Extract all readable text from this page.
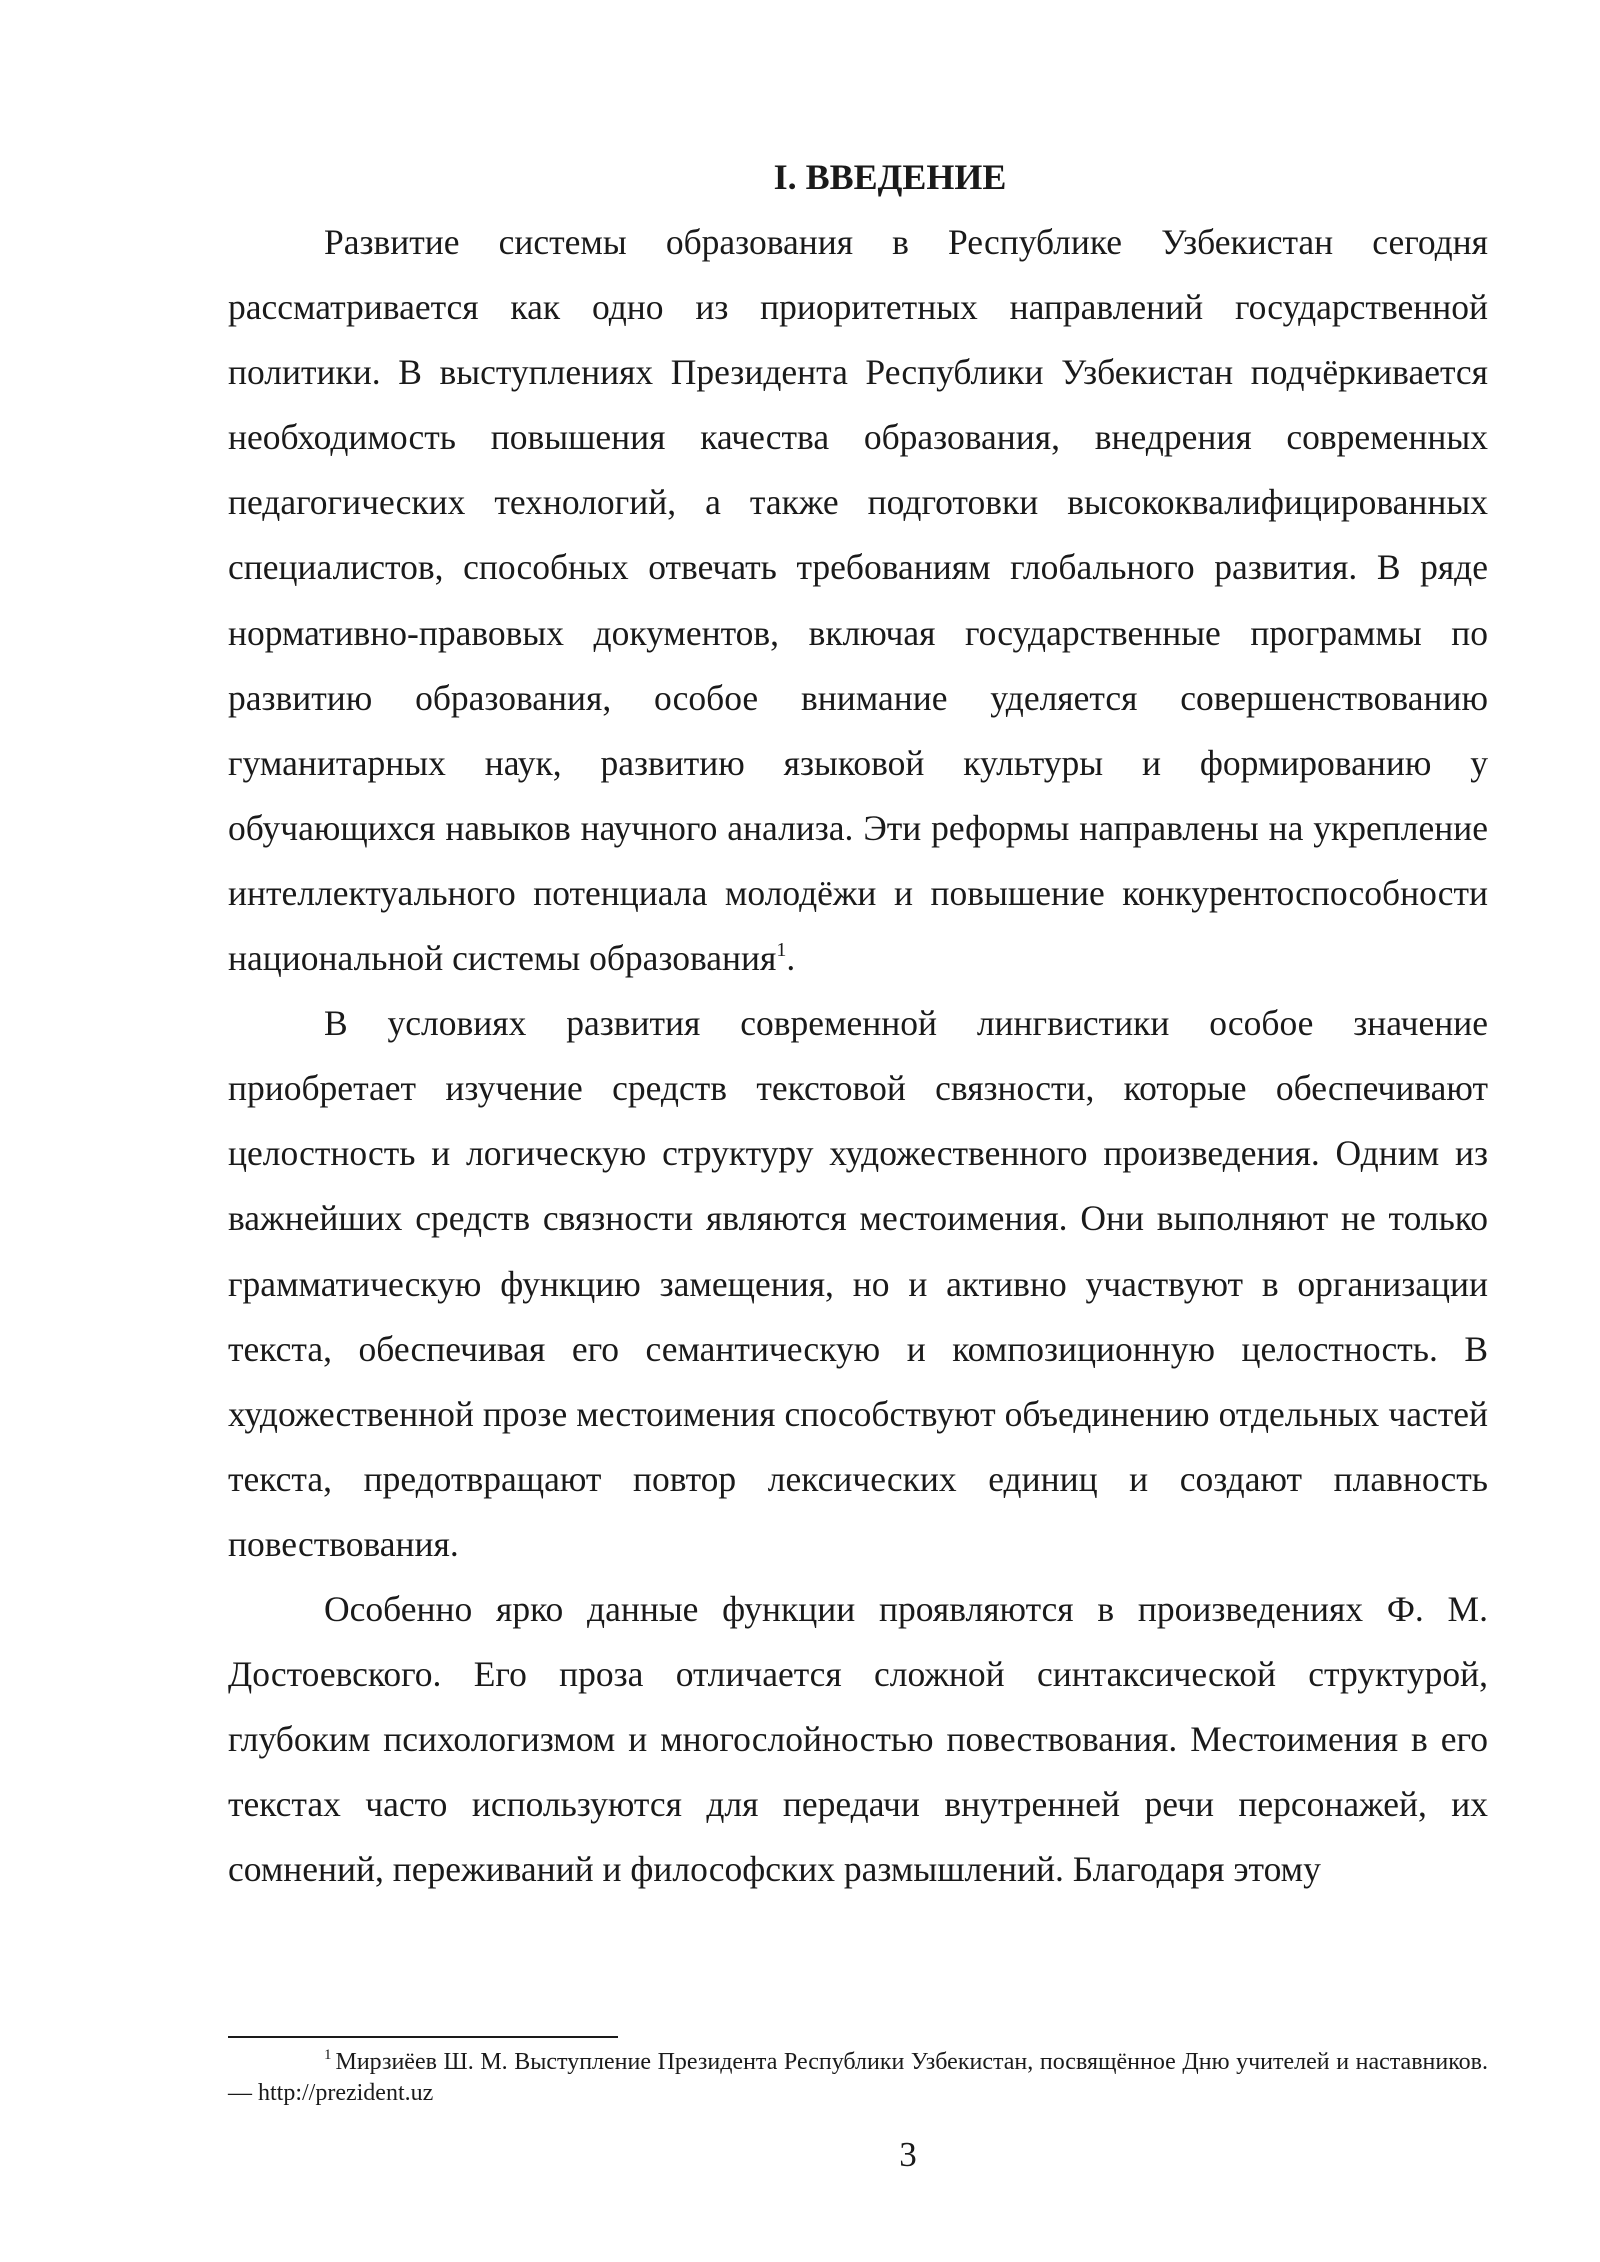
I. ВВЕДЕНИЕ

Развитие системы образования в Республике Узбекистан сегодня рассматривается как одно из приоритетных направлений государственной политики. В выступлениях Президента Республики Узбекистан подчёркивается необходимость повышения качества образования, внедрения современных педагогических технологий, а также подготовки высококвалифицированных специалистов, способных отвечать требованиям глобального развития. В ряде нормативно-правовых документов, включая государственные программы по развитию образования, особое внимание уделяется совершенствованию гуманитарных наук, развитию языковой культуры и формированию у обучающихся навыков научного анализа. Эти реформы направлены на укрепление интеллектуального потенциала молодёжи и повышение конкурентоспособности национальной системы образования$^1$.

В условиях развития современной лингвистики особое значение приобретает изучение средств текстовой связности, которые обеспечивают целостность и логическую структуру художественного произведения. Одним из важнейших средств связности являются местоимения. Они выполняют не только грамматическую функцию замещения, но и активно участвуют в организации текста, обеспечивая его семантическую и композиционную целостность. В художественной прозе местоимения способствуют объединению отдельных частей текста, предотвращают повтор лексических единиц и создают плавность повествования.

Особенно ярко данные функции проявляются в произведениях Ф. М. Достоевского. Его проза отличается сложной синтаксической структурой, глубоким психологизмом и многослойностью повествования. Местоимения в его текстах часто используются для передачи внутренней речи персонажей, их сомнений, переживаний и философских размышлений. Благодаря этому

$^1$ Мирзиёев Ш. М. Выступление Президента Республики Узбекистан, посвящённое Дню учителей и наставников. — http://prezident.uz

3
